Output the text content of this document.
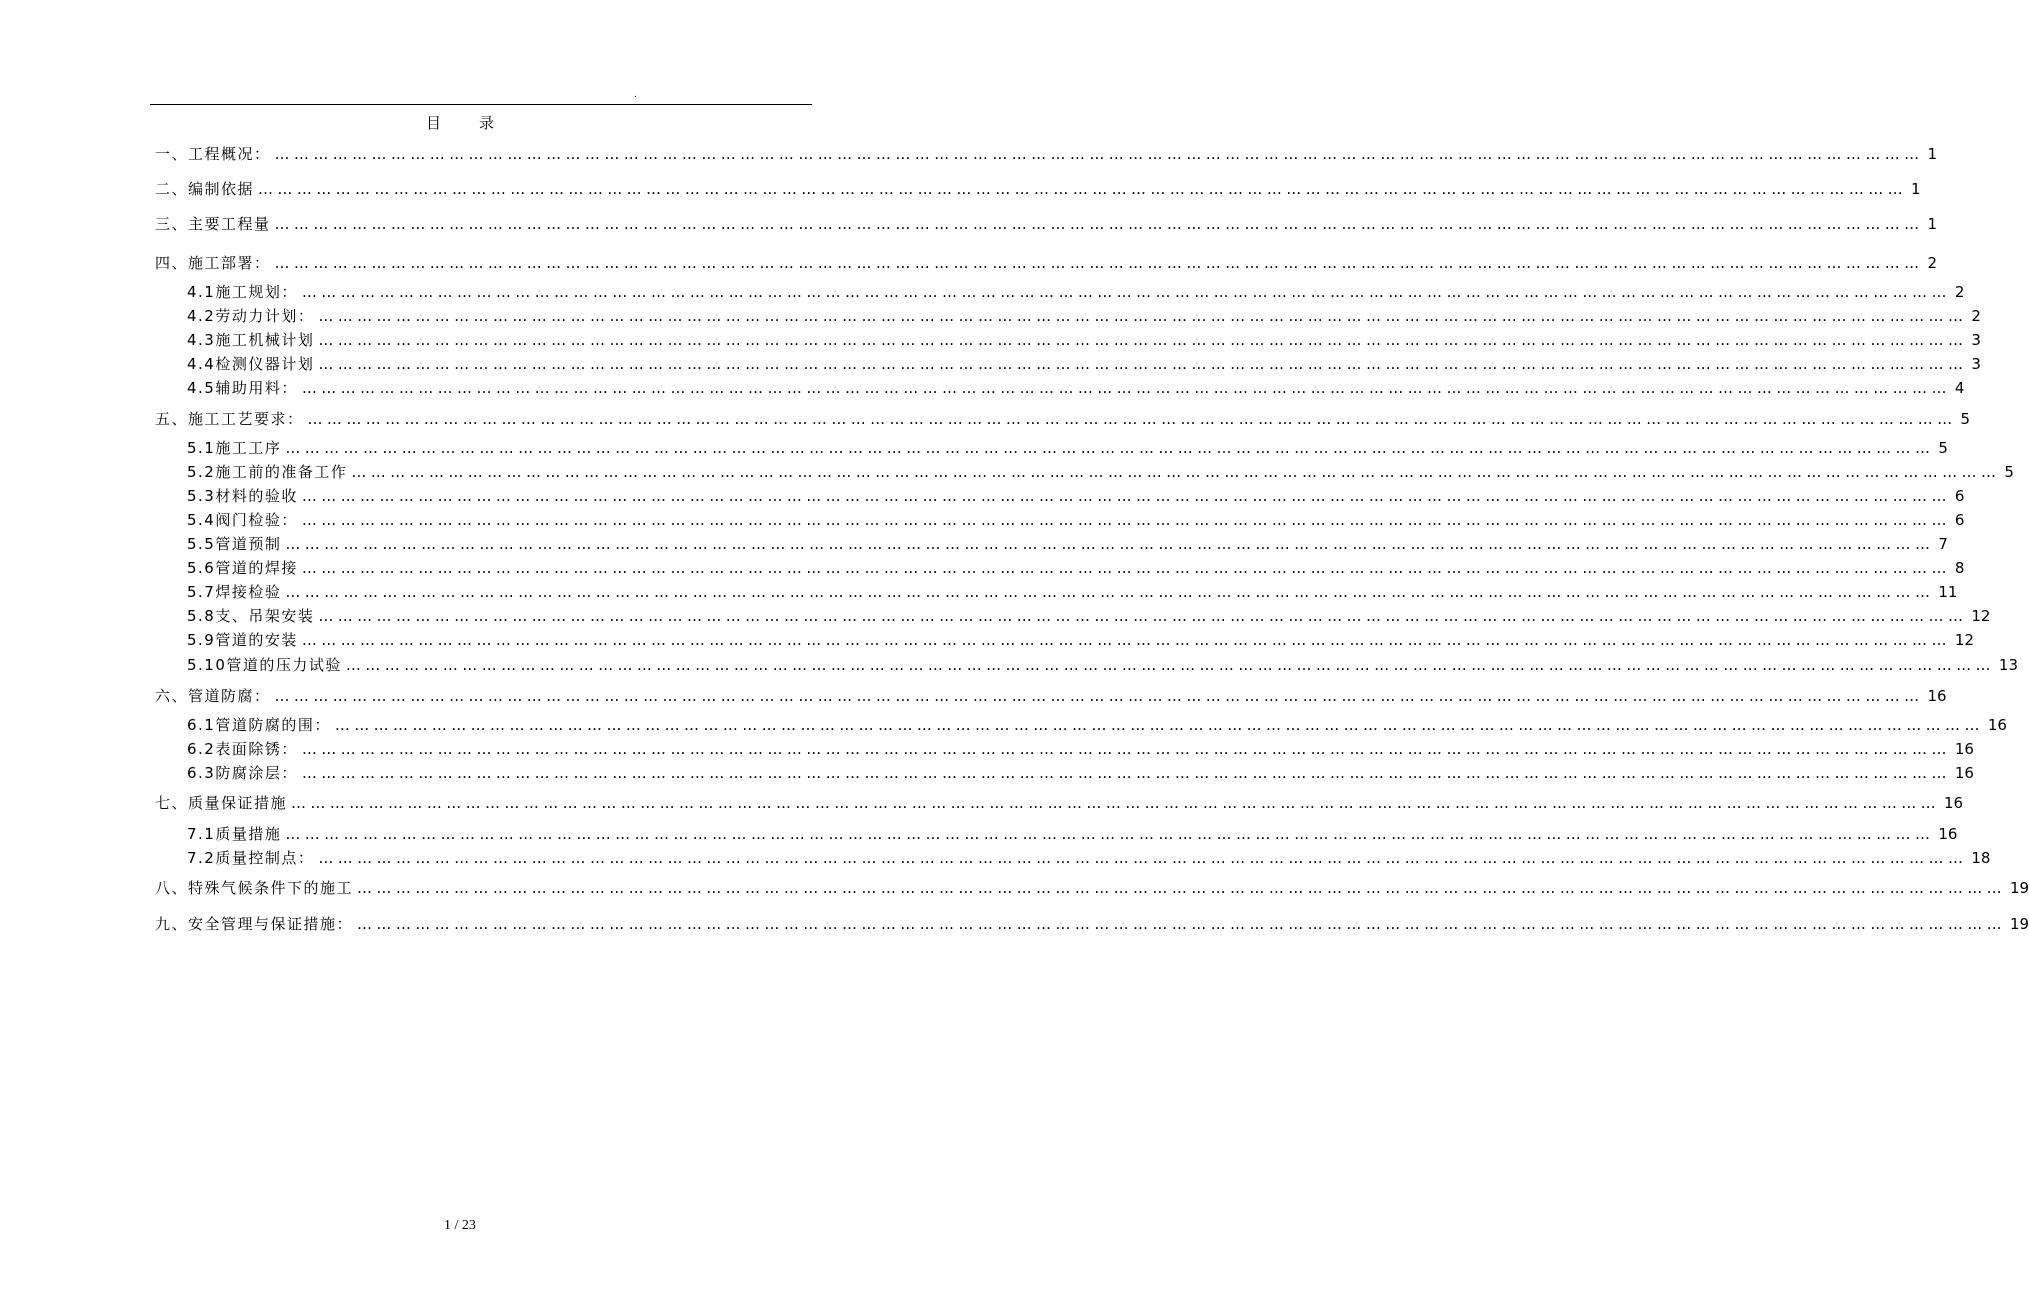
.
目录
一、工程概况： ………………………………………………………………………………………………………………………………………………………………………………………………………………………………… 1
二、编制依据 ………………………………………………………………………………………………………………………………………………………………………………………………………………………………… 1
三、主要工程量 ………………………………………………………………………………………………………………………………………………………………………………………………………………………………… 1
四、施工部署： ………………………………………………………………………………………………………………………………………………………………………………………………………………………………… 2
4.1施工规划： ………………………………………………………………………………………………………………………………………………………………………………………………………………………………… 2
4.2劳动力计划： ………………………………………………………………………………………………………………………………………………………………………………………………………………………………… 2
4.3施工机械计划 ………………………………………………………………………………………………………………………………………………………………………………………………………………………………… 3
4.4检测仪器计划 ………………………………………………………………………………………………………………………………………………………………………………………………………………………………… 3
4.5辅助用料： ………………………………………………………………………………………………………………………………………………………………………………………………………………………………… 4
五、施工工艺要求： ………………………………………………………………………………………………………………………………………………………………………………………………………………………………… 5
5.1施工工序 ………………………………………………………………………………………………………………………………………………………………………………………………………………………………… 5
5.2施工前的准备工作 ………………………………………………………………………………………………………………………………………………………………………………………………………………………………… 5
5.3材料的验收 ………………………………………………………………………………………………………………………………………………………………………………………………………………………………… 6
5.4阀门检验： ………………………………………………………………………………………………………………………………………………………………………………………………………………………………… 6
5.5管道预制 ………………………………………………………………………………………………………………………………………………………………………………………………………………………………… 7
5.6管道的焊接 ………………………………………………………………………………………………………………………………………………………………………………………………………………………………… 8
5.7焊接检验 ………………………………………………………………………………………………………………………………………………………………………………………………………………………………… 11
5.8支、吊架安装 ………………………………………………………………………………………………………………………………………………………………………………………………………………………………… 12
5.9管道的安装 ………………………………………………………………………………………………………………………………………………………………………………………………………………………………… 12
5.10管道的压力试验 ………………………………………………………………………………………………………………………………………………………………………………………………………………………………… 13
六、管道防腐： ………………………………………………………………………………………………………………………………………………………………………………………………………………………………… 16
6.1管道防腐的围： ………………………………………………………………………………………………………………………………………………………………………………………………………………………………… 16
6.2表面除锈： ………………………………………………………………………………………………………………………………………………………………………………………………………………………………… 16
6.3防腐涂层： ………………………………………………………………………………………………………………………………………………………………………………………………………………………………… 16
七、质量保证措施 ………………………………………………………………………………………………………………………………………………………………………………………………………………………………… 16
7.1质量措施 ………………………………………………………………………………………………………………………………………………………………………………………………………………………………… 16
7.2质量控制点： ………………………………………………………………………………………………………………………………………………………………………………………………………………………………… 18
八、特殊气候条件下的施工 ………………………………………………………………………………………………………………………………………………………………………………………………………………………………… 19
九、安全管理与保证措施： ………………………………………………………………………………………………………………………………………………………………………………………………………………………………… 19
1 / 23
